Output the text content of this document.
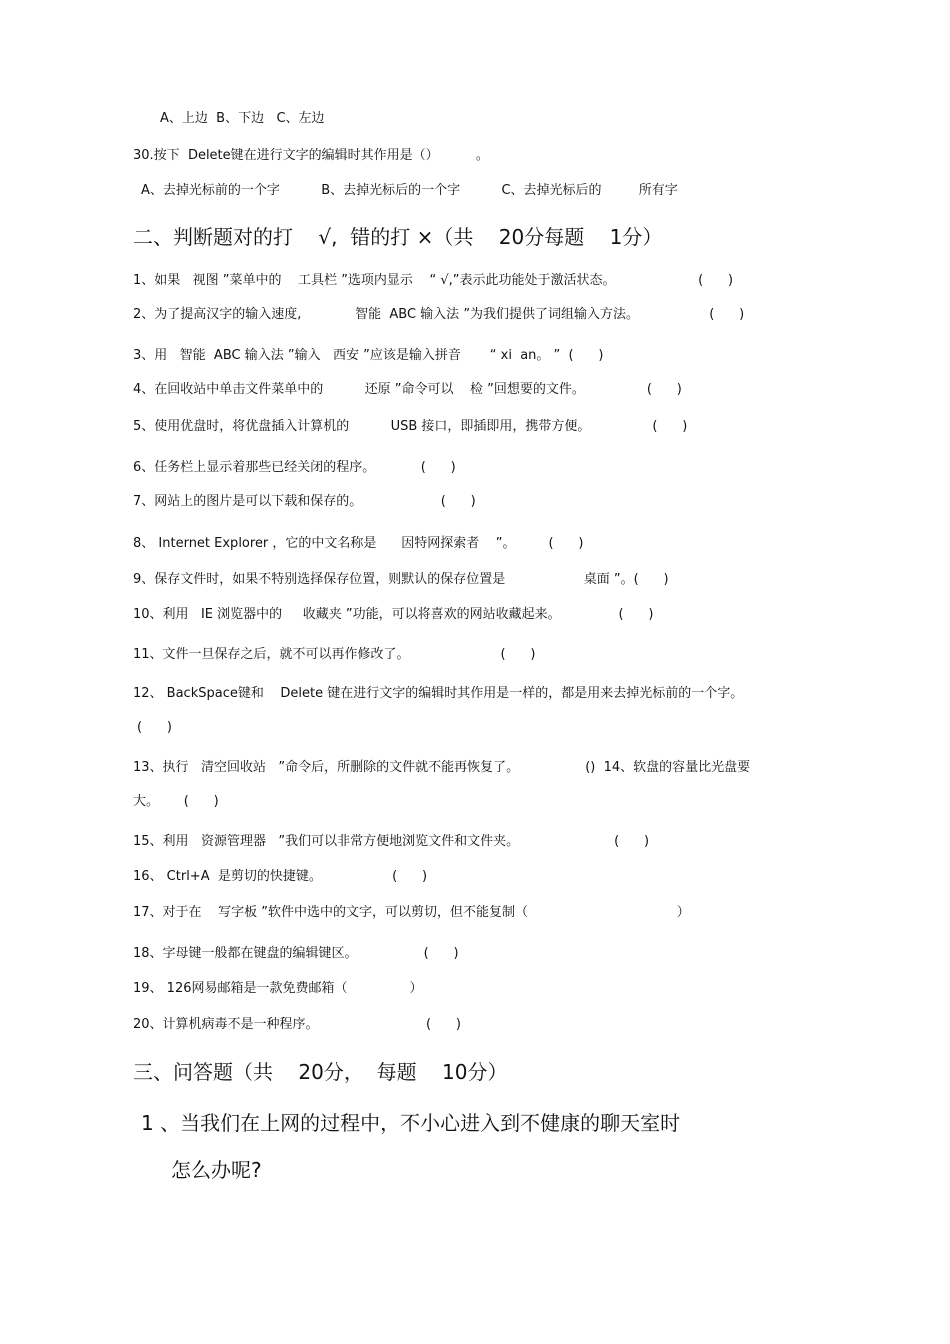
A、上边  B、下边   C、左边
30.按下  Delete键在进行文字的编辑时其作用是（）         。
A、去掉光标前的一个字          B、去掉光标后的一个字          C、去掉光标后的         所有字
二、判断题对的打    √,  错的打 ×（共    20分每题    1分）
1、如果   视图 ”菜单中的    工具栏 ”选项内显示    “ √,”表示此功能处于激活状态。                    (      )
2、为了提高汉字的输入速度,             智能  ABC 输入法 ”为我们提供了词组输入方法。                 (      )
3、用   智能  ABC 输入法 ”输入   西安 ”应该是输入拼音       “ xi  an。 ”  (      )
4、在回收站中单击文件菜单中的          还原 ”命令可以    检 ”回想要的文件。               (      )
5、使用优盘时，将优盘插入计算机的          USB 接口，即插即用，携带方便。               (      )
6、任务栏上显示着那些已经关闭的程序。           (      )
7、网站上的图片是可以下载和保存的。                   (      )
8、 Internet Explorer ，它的中文名称是      因特网探索者    ”。        (      )
9、保存文件时，如果不特别选择保存位置，则默认的保存位置是                   桌面 ”。(      )
10、利用   IE 浏览器中的     收藏夹 ”功能，可以将喜欢的网站收藏起来。              (      )
11、文件一旦保存之后，就不可以再作修改了。                      (      )
12、 BackSpace键和    Delete 键在进行文字的编辑时其作用是一样的，都是用来去掉光标前的一个字。
(      )
13、执行   清空回收站   ”命令后，所删除的文件就不能再恢复了。                ()  14、软盘的容量比光盘要
大。      (      )
15、利用   资源管理器   ”我们可以非常方便地浏览文件和文件夹。                       (      )
16、 Ctrl+A  是剪切的快捷键。                 (      )
17、对于在    写字板 ”软件中选中的文字，可以剪切，但不能复制（                                    ）
18、字母键一般都在键盘的编辑键区。                (      )
19、 126网易邮箱是一款免费邮箱（               ）
20、计算机病毒不是一种程序。                          (      )
三、问答题（共    20分，  每题    10分）
1 、当我们在上网的过程中，不小心进入到不健康的聊天室时
怎么办呢?
